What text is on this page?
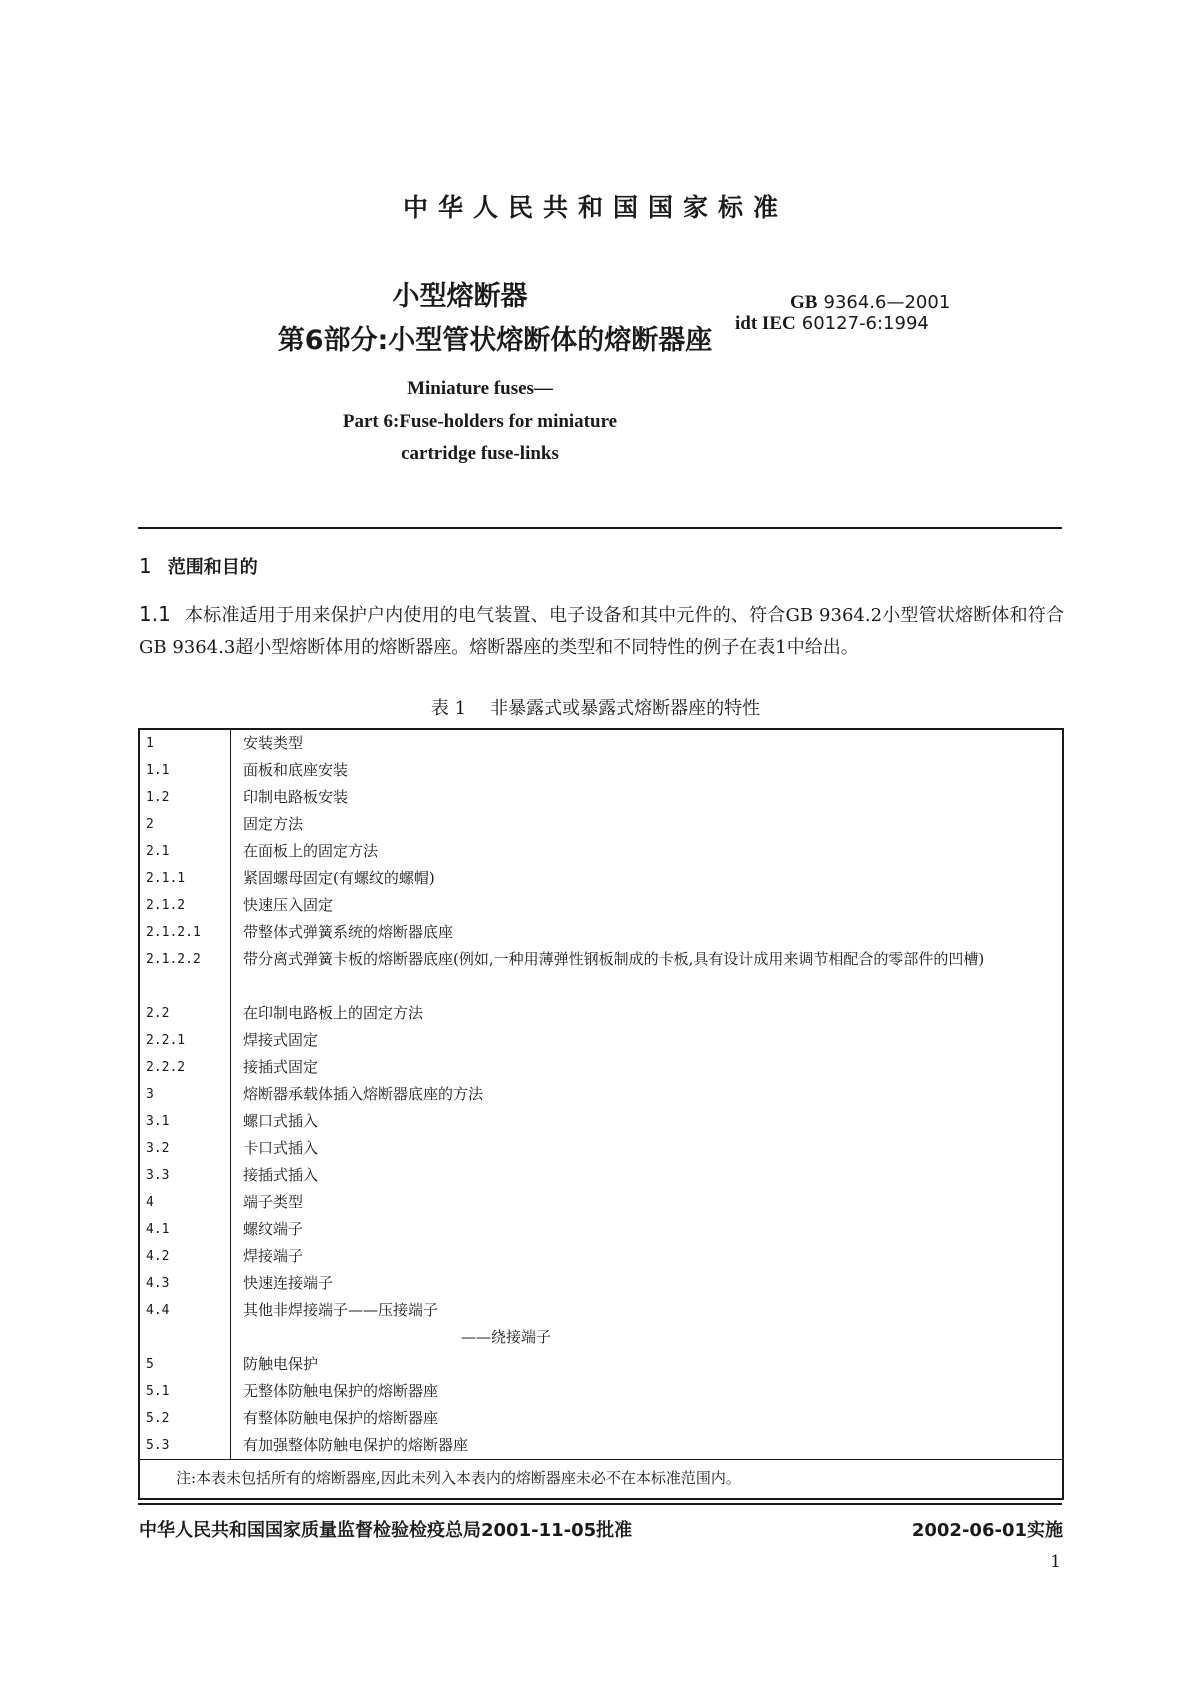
中华人民共和国国家标准
小型熔断器
第6部分:小型管状熔断体的熔断器座
GB 9364.6—2001
idt IEC 60127-6:1994
Miniature fuses—
Part 6:Fuse-holders for miniature
cartridge fuse-links
1 范围和目的
1.1 本标准适用于用来保护户内使用的电气装置、电子设备和其中元件的、符合GB 9364.2小型管状熔断体和符合GB 9364.3超小型熔断体用的熔断器座。熔断器座的类型和不同特性的例子在表1中给出。
表 1 非暴露式或暴露式熔断器座的特性
1	安装类型
1.1	面板和底座安装
1.2	印制电路板安装
2	固定方法
2.1	在面板上的固定方法
2.1.1	紧固螺母固定(有螺纹的螺帽)
2.1.2	快速压入固定
2.1.2.1	带整体式弹簧系统的熔断器底座
2.1.2.2	带分离式弹簧卡板的熔断器底座(例如,一种用薄弹性钢板制成的卡板,具有设计成用来调节相配合的零部件的凹槽)
2.2	在印制电路板上的固定方法
2.2.1	焊接式固定
2.2.2	接插式固定
3	熔断器承载体插入熔断器底座的方法
3.1	螺口式插入
3.2	卡口式插入
3.3	接插式插入
4	端子类型
4.1	螺纹端子
4.2	焊接端子
4.3	快速连接端子
4.4	其他非焊接端子——压接端子
——绕接端子
5	防触电保护
5.1	无整体防触电保护的熔断器座
5.2	有整体防触电保护的熔断器座
5.3	有加强整体防触电保护的熔断器座
注:本表未包括所有的熔断器座,因此未列入本表内的熔断器座未必不在本标准范围内。
中华人民共和国国家质量监督检验检疫总局2001-11-05批准	2002-06-01实施
1
